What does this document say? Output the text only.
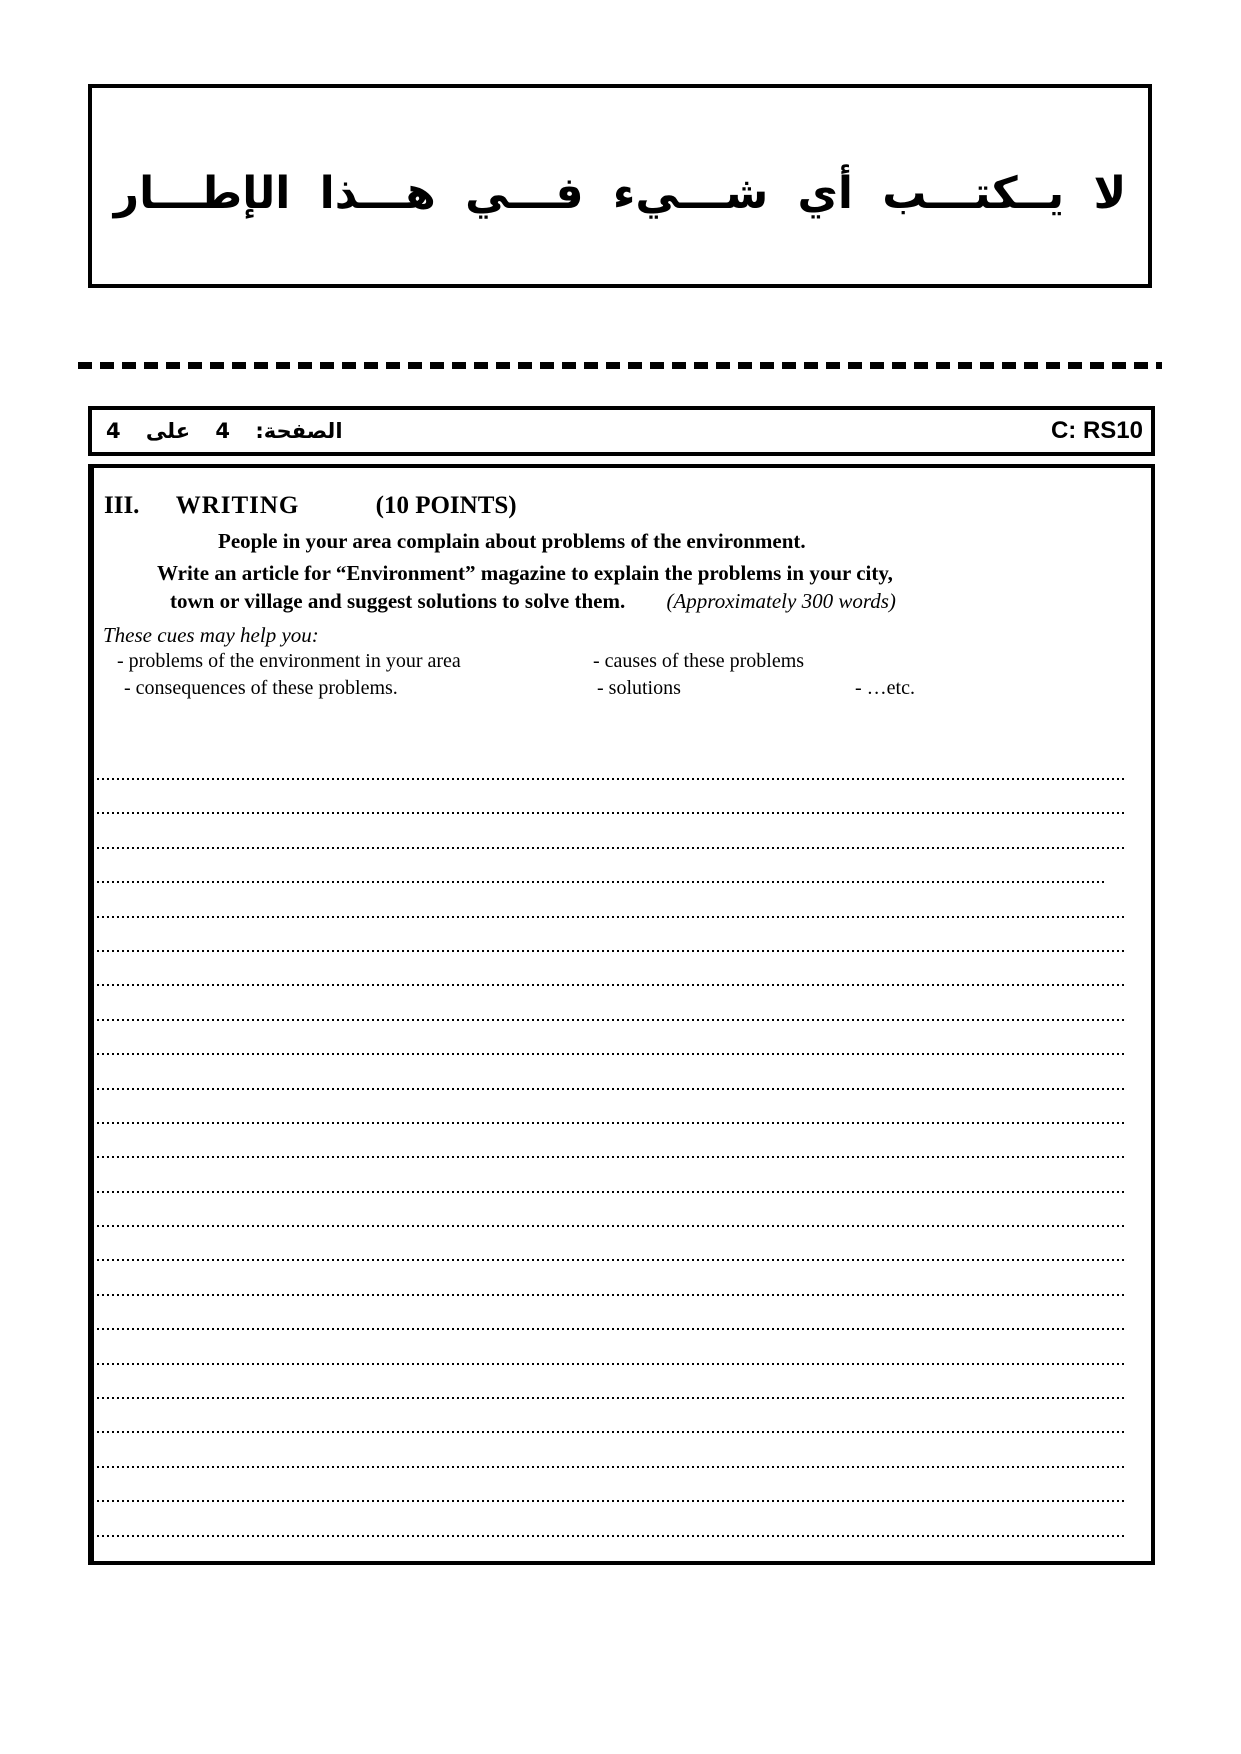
لا يــكتـــب أي شـــيء فـــي هـــذا الإطـــار
الصفحة: 4 على 4	C: RS10
III. WRITING	(10 POINTS)
People in your area complain about problems of the environment.
Write an article for “Environment” magazine to explain the problems in your city,
town or village and suggest solutions to solve them. (Approximately 300 words)
These cues may help you:
- problems of the environment in your area	- causes of these problems
- consequences of these problems.	- solutions	- …etc.
